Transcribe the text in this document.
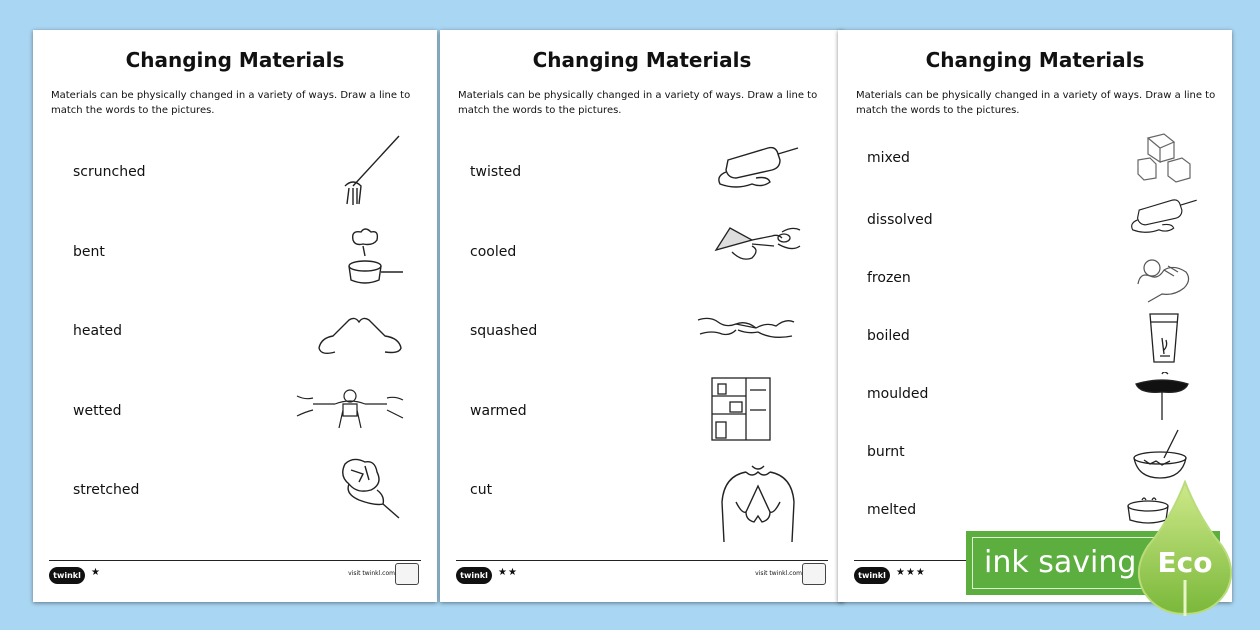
Changing Materials
Materials can be physically changed in a variety of ways. Draw a line to match the words to the pictures.
scrunched
bent
heated
wetted
stretched
twinkl	★	visit twinkl.com
Changing Materials
Materials can be physically changed in a variety of ways. Draw a line to match the words to the pictures.
twisted
cooled
squashed
warmed
cut
twinkl	★★	visit twinkl.com
Changing Materials
Materials can be physically changed in a variety of ways. Draw a line to match the words to the pictures.
mixed
dissolved
frozen
boiled
moulded
burnt
melted
twinkl	★★★ ink saving Eco
